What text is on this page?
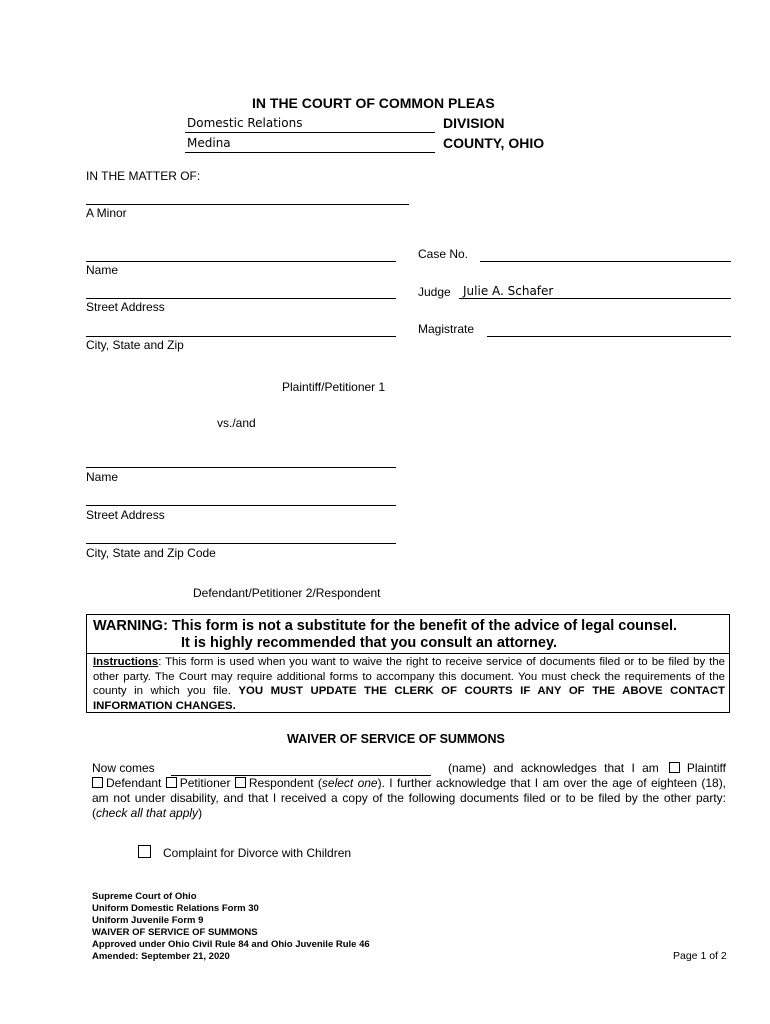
IN THE COURT OF COMMON PLEAS
Domestic Relations	DIVISION
Medina	COUNTY, OHIO
IN THE MATTER OF:
A Minor
Name
Street Address
City, State and Zip
Plaintiff/Petitioner 1
Case No.
Judge Julie A. Schafer
Magistrate
vs./and
Name
Street Address
City, State and Zip Code
Defendant/Petitioner 2/Respondent
WARNING: This form is not a substitute for the benefit of the advice of legal counsel.
It is highly recommended that you consult an attorney.
Instructions: This form is used when you want to waive the right to receive service of documents filed or to be filed by the other party. The Court may require additional forms to accompany this document. You must check the requirements of the county in which you file. YOU MUST UPDATE THE CLERK OF COURTS IF ANY OF THE ABOVE CONTACT INFORMATION CHANGES.
WAIVER OF SERVICE OF SUMMONS
Now comes	(name) and acknowledges that I am	Plaintiff
Defendant Petitioner Respondent (select one). I further acknowledge that I am over the age of eighteen (18), am not under disability, and that I received a copy of the following documents filed or to be filed by the other party: (check all that apply)
Complaint for Divorce with Children
Supreme Court of Ohio
Uniform Domestic Relations Form 30
Uniform Juvenile Form 9
WAIVER OF SERVICE OF SUMMONS
Approved under Ohio Civil Rule 84 and Ohio Juvenile Rule 46
Amended: September 21, 2020	Page 1 of 2
